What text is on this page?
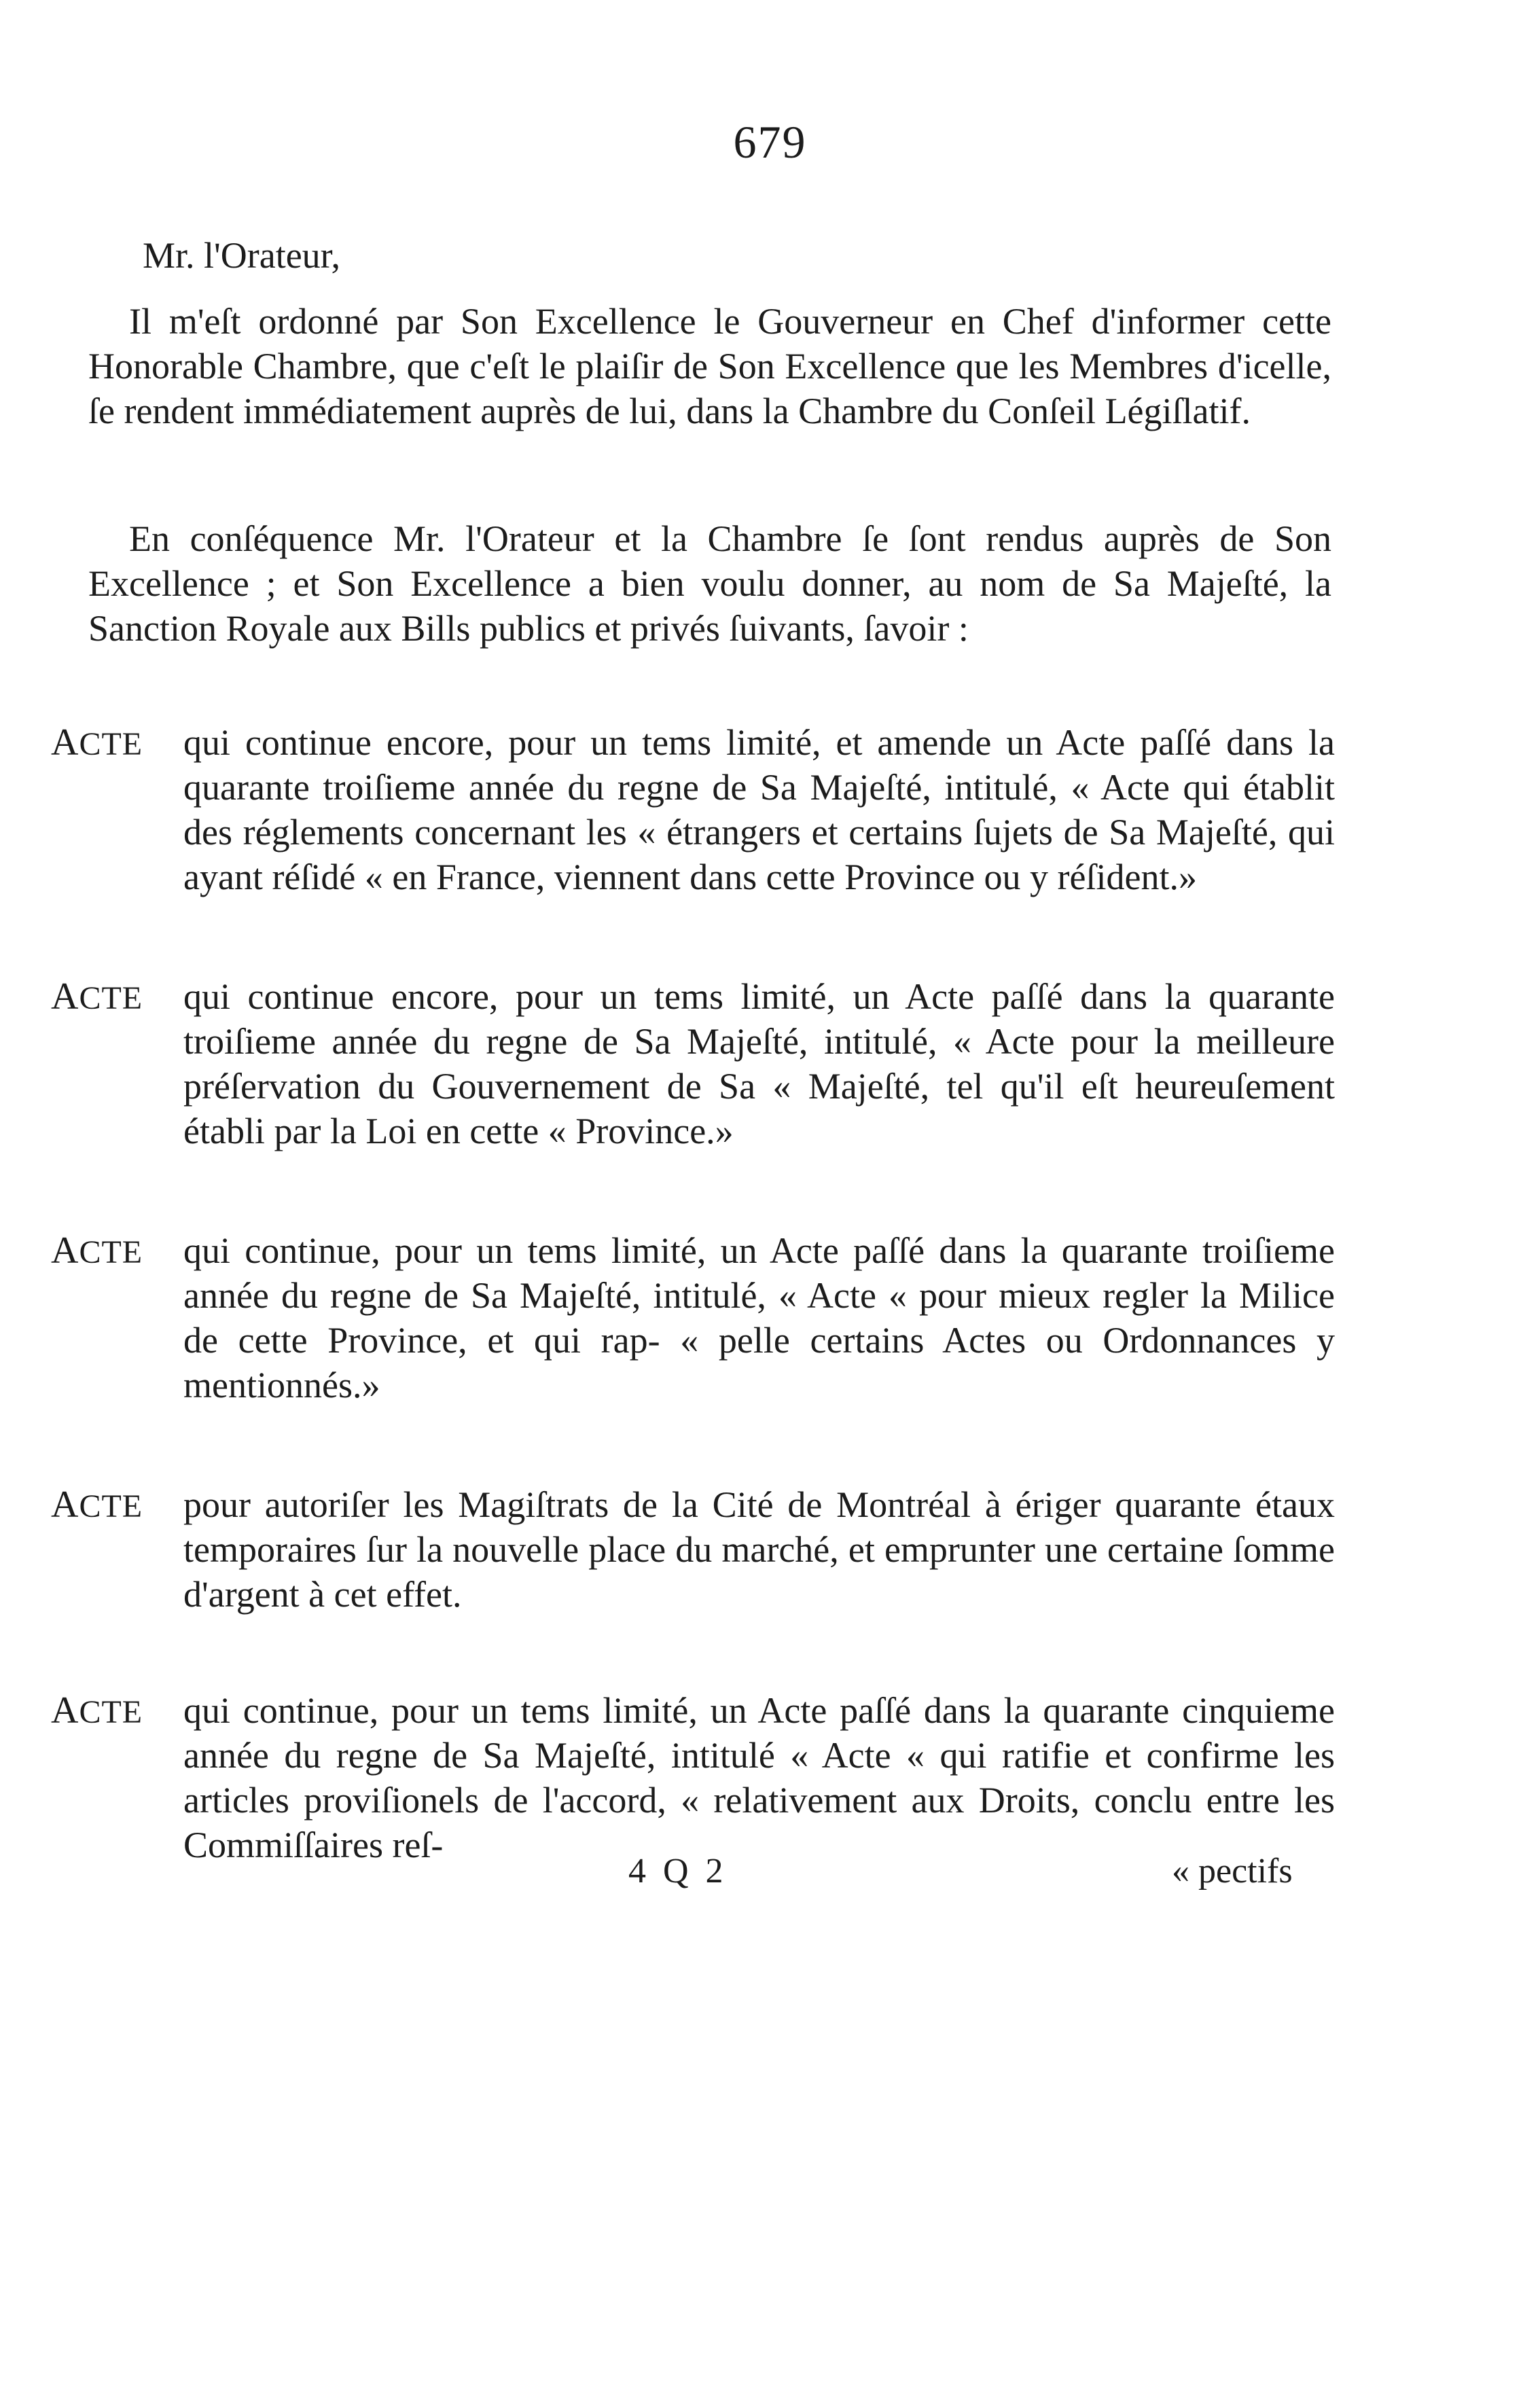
679
Mr. l'Orateur,

Il m'eſt ordonné par Son Excellence le Gouverneur en Chef d'informer cette Honorable Chambre, que c'eſt le plaiſir de Son Excellence que les Membres d'icelle, ſe rendent immédiatement auprès de lui, dans la Chambre du Conſeil Légiſlatif.

En conſéquence Mr. l'Orateur et la Chambre ſe ſont rendus auprès de Son Excellence ; et Son Excellence a bien voulu donner, au nom de Sa Majeſté, la Sanction Royale aux Bills publics et privés ſuivants, ſavoir :

ACTE	qui continue encore, pour un tems limité, et amende un Acte paſſé dans la quarante troiſieme année du regne de Sa Majeſté, intitulé, « Acte qui établit des réglements concernant les « étrangers et certains ſujets de Sa Majeſté, qui ayant réſidé « en France, viennent dans cette Province ou y réſident.»
ACTE	qui continue encore, pour un tems limité, un Acte paſſé dans la quarante troiſieme année du regne de Sa Majeſté, intitulé, « Acte pour la meilleure préſervation du Gouvernement de Sa « Majeſté, tel qu'il eſt heureuſement établi par la Loi en cette « Province.»
ACTE	qui continue, pour un tems limité, un Acte paſſé dans la quarante troiſieme année du regne de Sa Majeſté, intitulé, « Acte « pour mieux regler la Milice de cette Province, et qui rap- « pelle certains Actes ou Ordonnances y mentionnés.»
ACTE	pour autoriſer les Magiſtrats de la Cité de Montréal à ériger quarante étaux temporaires ſur la nouvelle place du marché, et emprunter une certaine ſomme d'argent à cet effet.
ACTE	qui continue, pour un tems limité, un Acte paſſé dans la quarante cinquieme année du regne de Sa Majeſté, intitulé « Acte « qui ratifie et confirme les articles proviſionels de l'accord, « relativement aux Droits, conclu entre les Commiſſaires reſ-
4 Q 2	« pectifs
